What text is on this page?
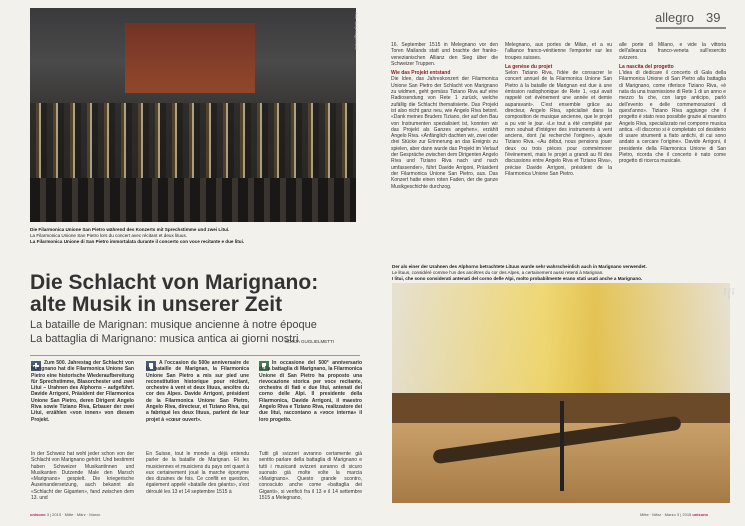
Foto: Sonja Guglielmetti
Die Filarmonica Unione San Pietro während des Konzerts mit Sprechstimme und zwei Lituí.
La Filarmonica Unione San Pietro lors du concert avec récitant et deux lituus.
La Filarmonica Unione di San Pietro immortalata durante il concerto con voce recitante e due litui.
Die Schlacht von Marignano:
alte Musik in unserer Zeit
La bataille de Marignan: musique ancienne à notre époque
La battaglia di Marignano: musica antica ai giorni nostri
SONJA GUGLIELMETTI
Zum 500. Jahrestag der Schlacht von Marignano hat die Filarmonica Unione San Pietro eine historische Wiederaufbereitung für Sprechstimme, Blasorchester und zwei Litui – Urahnen des Alphorns – aufgeführt. Davide Arrigoni, Präsident der Filarmonica Unione San Pietro, deren Dirigent Angelo Riva sowie Tiziano Riva, Erbauer der zwei Litui, erzählen «von innen» von diesem Projekt.
A l'occasion du 500e anniversaire de la bataille de Marignan, la Filarmonica Unione San Pietro a mis sur pied une reconstitution historique pour récitant, orchestre à vent et deux lituus, ancêtre du cor des Alpes. Davide Arrigoni, président de la Filarmonica Unione San Pietro, Angelo Riva, directeur, et Tiziano Riva, qui a fabriqué les deux lituus, parlent de leur projet à «cœur ouvert».
In occasione del 500° anniversario della battaglia di Marignano, la Filarmonica Unione di San Pietro ha proposto una rievocazione storica per voce recitante, orchestra di fiati e due litui, antenati del corno delle Alpi. Il presidente della Filarmonica, Davide Arrigoni, il maestro Angelo Riva e Tiziano Riva, realizzatore dei due litui, raccontano a «voce interna» il loro progetto.
In der Schweiz hat wohl jeder schon von der Schlacht von Marignano gehört. Und bestimmt haben Schweizer Musikantinnen und Musikanten Dutzende Male den Marsch «Marignano» gespielt. Die kriegerische Auseinandersetzung, auch bekannt als «Schlacht der Giganten», fand zwischen dem 13. und
En Suisse, tout le monde a déjà entendu parler de la bataille de Marignan. Et les musiciennes et musiciens du pays ont quant à eux certainement joué la marche éponyme des dizaines de fois. Ce conflit en question, également appelé «bataille des géants», s'est déroulé les 13 et 14 septembre 1515 à
Tutti gli svizzeri avranno certamente già sentito parlare della battaglia di Marignano e tutti i musicanti svizzeri avranno di sicuro suonato già molte volte la marcia «Marignano». Questo grande scontro, conosciuto anche come «battaglia dei Giganti», si verificò fra il 13 e il 14 settembre 1515 a Melegnano,
unisono 3 | 2015 · Mitte · März · Marzo
allegro 39
16. September 1515 in Melegnano vor den Toren Mailands statt und brachte der franko-venezianischen Allianz den Sieg über die Schweizer Truppen.
Wie das Projekt entstand
Die Idee, das Jahreskonzert der Filarmonica Unione San Pietro der Schlacht von Marignano zu widmen, geht gemäss Tiziano Riva auf eine Radiosendung von Rete 1 zurück, welche zufällig die Schlacht thematisierte. Das Projekt ist also nicht ganz neu, wie Angelo Riva betont. «Dank meines Bruders Tiziano, der auf den Bau von Instrumenten spezialisiert ist, konnten wir das Projekt als Ganzes angehen», erzählt Angelo Riva. «Anfänglich dachten wir, zwei oder drei Stücke zur Erinnerung an das Ereignis zu spielen, aber dann wurde das Projekt im Verlauf der Gespräche zwischen dem Dirigenten Angelo Riva und Tiziano Riva nach und nach umfassender», führt Davide Arrigoni, Präsident der Filarmonica Unione San Pietro, aus. Das Konzert hatte einen roten Faden, der die ganze Musikgeschichte durchzog.
Melegnano, aux portes de Milan, et a vu l'alliance franco-vénitienne l'emporter sur les troupes suisses.
La genèse du projet
Selon Tiziano Riva, l'idée de consacrer le concert annuel de la Filarmonica Unione San Pietro à la bataille de Marignan est due à une émission radiophonique de Rete 1, «qui avait rappelé cet événement une année et demie auparavant». C'est ensemble grâce au directeur, Angelo Riva, spécialisé dans la composition de musique ancienne, que le projet a pu voir le jour. «Le tout a été complété par mon souhait d'intégrer des instruments à vent anciens, dont j'ai recherché l'origine», ajoute Tiziano Riva. «Au début, nous pensions jouer deux ou trois pièces pour commémorer l'événement, mais le projet a grandi au fil des discussions entre Angelo Riva et Tiziano Riva», précise Davide Arrigoni, président de la Filarmonica Unione San Pietro.
alle porte di Milano, e vide la vittoria dell'alleanza franco-veneta sull'esercito svizzero.
La nascita del progetto
L'idea di dedicare il concerto di Gala della Filarmonica Unione di San Pietro alla battaglia di Marignano, come riferisce Tiziano Riva, «è nata da una trasmissione di Rete 1 di un anno e mezzo fa che, con largo anticipo, parlò dell'evento e delle commemorazioni di quest'anno». Tiziano Riva aggiunge che il progetto è stato reso possibile grazie al maestro Angelo Riva, specializzato nel comporre musica antica. «Il discorso si è completato col desiderio di usare strumenti a fiato antichi, di cui sono andato a cercare l'origine». Davide Arrigoni, il presidente della Filarmonica Unione di San Pietro, ricorda che il concerto è nato come progetto di ricerca musicale.
Der als einer der Urahnen des Alphorns betrachtete Lituus wurde sehr wahrscheinlich auch in Marignano verwendet.
Le lituus, considéré comme l'un des ancêtres du cor des Alpes, a certainement aussi retenti à Marignan.
I litui, che sono considerati antenati del corno delle Alpi, molto probabilmente erano stati usati anche a Marignano.
Foto: Tiziano Riva
Mitte · März · Marzo 3 | 2015 unisono
